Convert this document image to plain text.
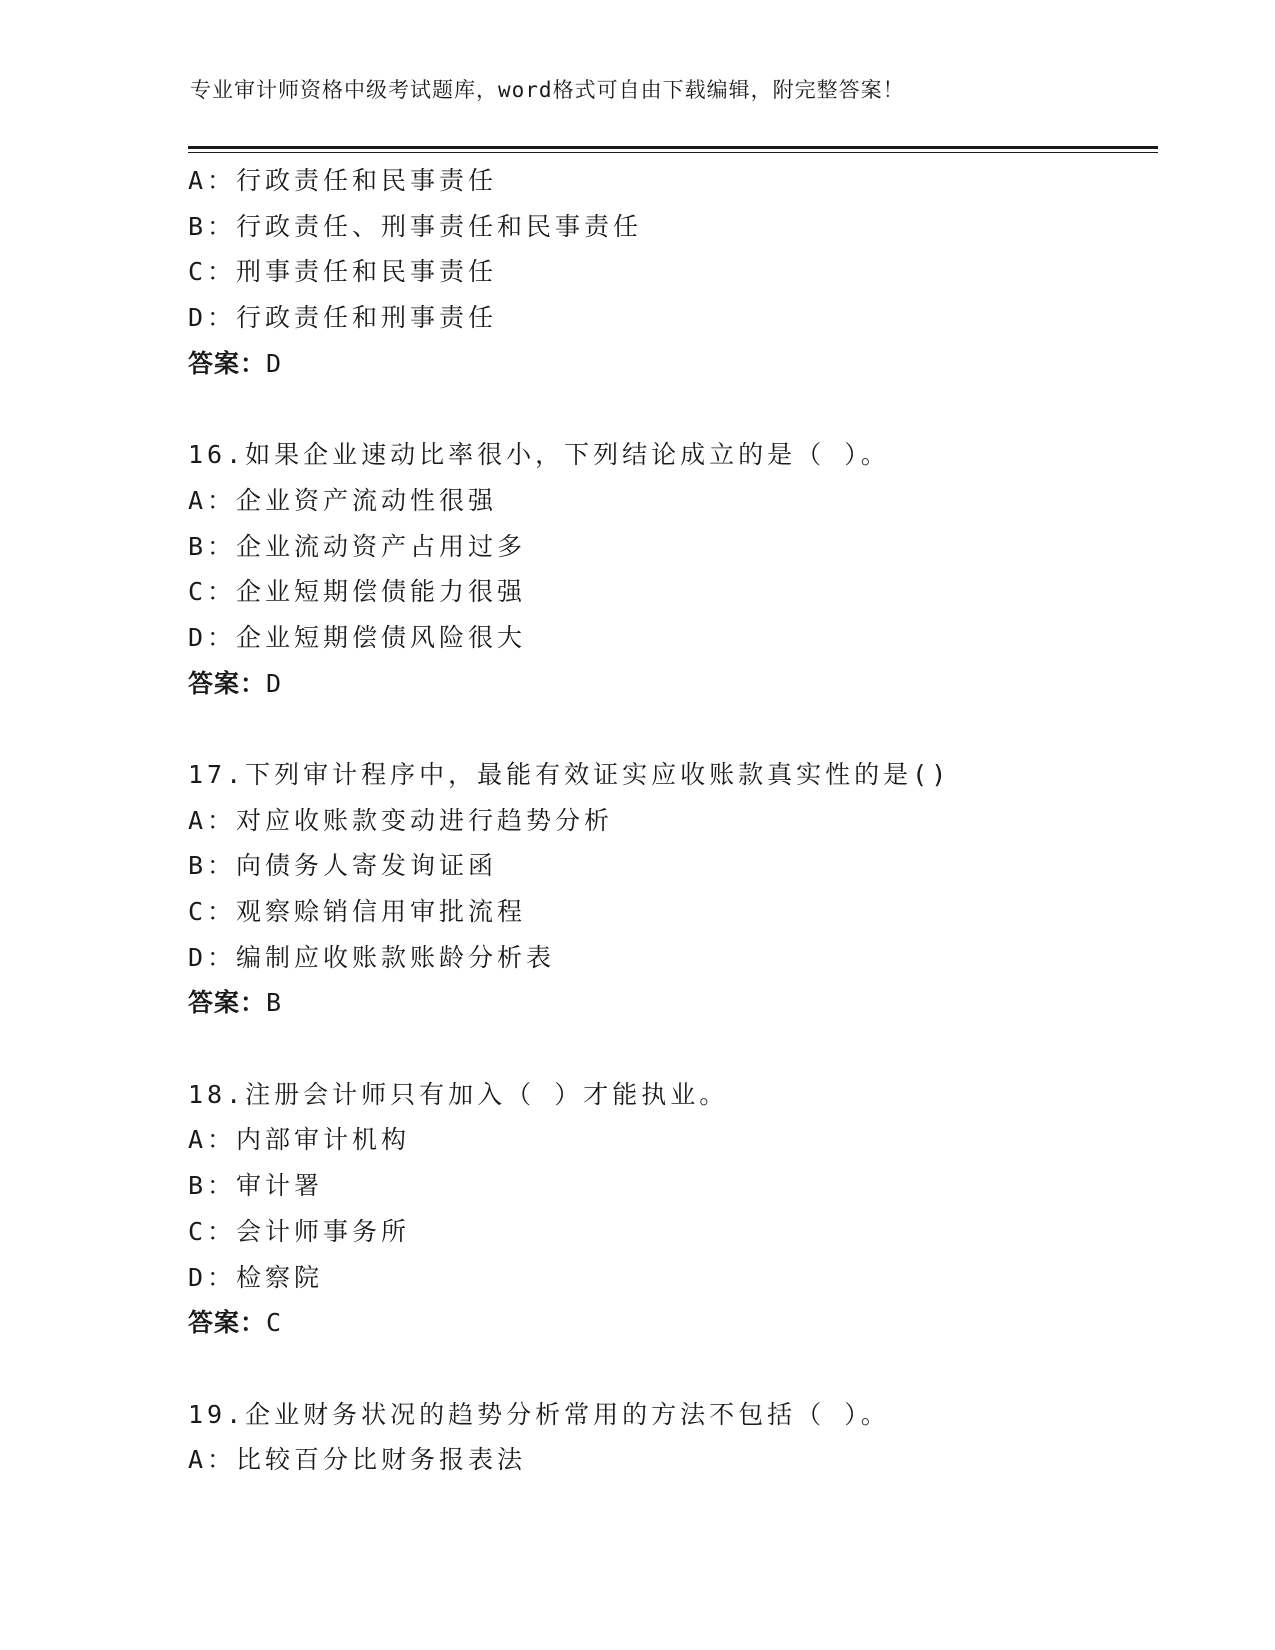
专业审计师资格中级考试题库，word格式可自由下载编辑，附完整答案！
A：行政责任和民事责任
B：行政责任、刑事责任和民事责任
C：刑事责任和民事责任
D：行政责任和刑事责任
答案：D
16.如果企业速动比率很小，下列结论成立的是（ ）。
A：企业资产流动性很强
B：企业流动资产占用过多
C：企业短期偿债能力很强
D：企业短期偿债风险很大
答案：D
17.下列审计程序中，最能有效证实应收账款真实性的是()
A：对应收账款变动进行趋势分析
B：向债务人寄发询证函
C：观察赊销信用审批流程
D：编制应收账款账龄分析表
答案：B
18.注册会计师只有加入（ ）才能执业。
A：内部审计机构
B：审计署
C：会计师事务所
D：检察院
答案：C
19.企业财务状况的趋势分析常用的方法不包括（ ）。
A：比较百分比财务报表法
